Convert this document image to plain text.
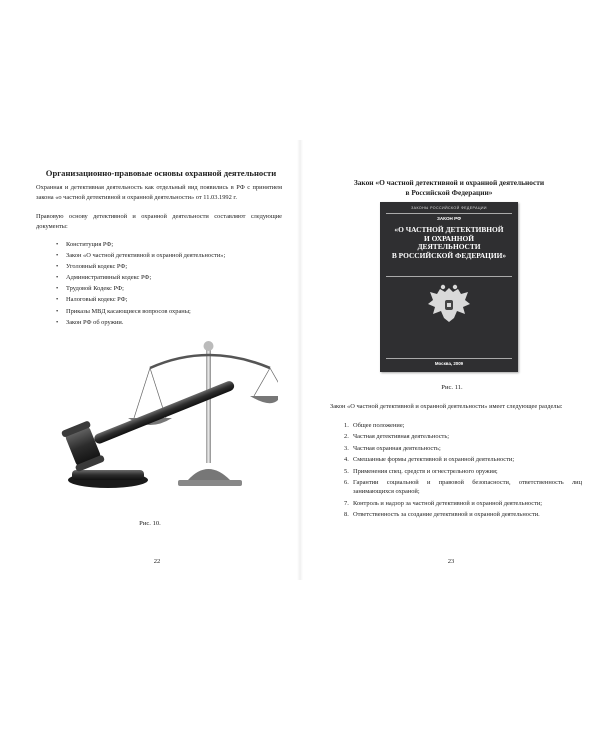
Организационно-правовые основы охранной деятельности
Охранная и детективная деятельность как отдельный вид появились в РФ с принятием закона «о частной детективной и охранной деятельности» от 11.03.1992 г.
Правовую основу детективной и охранной деятельности составляют следующие документы:
• Конституция РФ;
• Закон «О частной детективной и охранной деятельности»;
• Уголовный кодекс РФ;
• Административный кодекс РФ;
• Трудовой Кодекс РФ;
• Налоговый кодекс РФ;
• Приказы МВД касающиеся вопросов охраны;
• Закон РФ об оружии.
Рис. 10.
22
Закон «О частной детективной и охранной деятельности
в Российской Федерации»
ЗАКОНЫ РОССИЙСКОЙ ФЕДЕРАЦИИ
ЗАКОН РФ
«О ЧАСТНОЙ ДЕТЕКТИВНОЙ
И ОХРАННОЙ
ДЕЯТЕЛЬНОСТИ
В РОССИЙСКОЙ ФЕДЕРАЦИИ»
Москва, 2009
Рис. 11.
Закон «О частной детективной и охранной деятельности» имеет следующее разделы:
1. Общее положение;
2. Частная детективная деятельность;
3. Частная охранная деятельность;
4. Смешанные формы детективной и охранной деятельности;
5. Применения спец. средств и огнестрельного оружия;
6. Гарантии социальной и правовой безопасности, ответственность лиц занимающихся охраной;
7. Контроль и надзор за частной детективной и охранной деятельности;
8. Ответственность за создание детективной и охранной деятельности.
23
